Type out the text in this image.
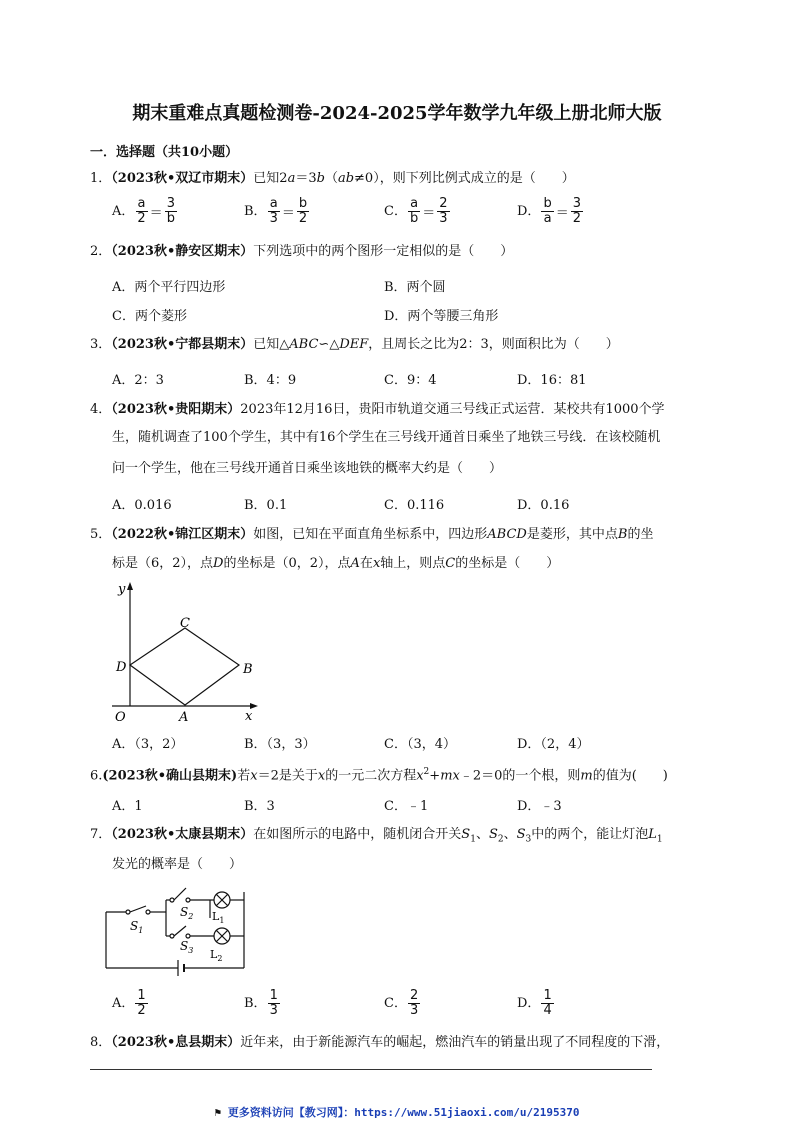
期末重难点真题检测卷-2024-2025学年数学九年级上册北师大版
一．选择题（共10小题）
1．（2023秋•双辽市期末）已知2a＝3b（ab≠0），则下列比例式成立的是（　　）
A． $\frac{a}{2} = \frac{3}{b}$	B． $\frac{a}{3} = \frac{b}{2}$	C． $\frac{a}{b} = \frac{2}{3}$	D． $\frac{b}{a} = \frac{3}{2}$
2．（2023秋•静安区期末）下列选项中的两个图形一定相似的是（　　）
A．两个平行四边形	B．两个圆
C．两个菱形	D．两个等腰三角形
3．（2023秋•宁都县期末）已知△ABC∽△DEF，且周长之比为2：3，则面积比为（　　）
A．2：3	B．4：9	C．9：4	D．16：81
4．（2023秋•贵阳期末）2023年12月16日，贵阳市轨道交通三号线正式运营．某校共有1000个学
生，随机调查了100个学生，其中有16个学生在三号线开通首日乘坐了地铁三号线．在该校随机
问一个学生，他在三号线开通首日乘坐该地铁的概率大约是（　　）
A．0.016	B．0.1	C．0.116	D．0.16
5．（2022秋•锦江区期末）如图，已知在平面直角坐标系中，四边形ABCD是菱形，其中点B的坐
标是（6，2），点D的坐标是（0，2），点A在x轴上，则点C的坐标是（　　）
y
x
O	A
B
C
D
A．（3，2）	B．（3，3）	C．（3，4）	D．（2，4）
6.(2023秋•确山县期末)若x＝2是关于x的一元二次方程$x^2+mx﹣2=0$的一个根，则m的值为(　　)
A．1	B．3	C．﹣1	D．﹣3
7．（2023秋•太康县期末）在如图所示的电路中，随机闭合开关$S_1$、$S_2$、$S_3$中的两个，能让灯泡$L_1$
发光的概率是（　　）
$S_1$
$S_2$
$S_3$
$L_1$
$L_2$
A． $\frac{1}{2}$	B． $\frac{1}{3}$	C． $\frac{2}{3}$	D． $\frac{1}{4}$
8．（2023秋•息县期末）近年来，由于新能源汽车的崛起，燃油汽车的销量出现了不同程度的下滑，
⚑ 更多资料访问【教习网】：https://www.51jiaoxi.com/u/2195370
